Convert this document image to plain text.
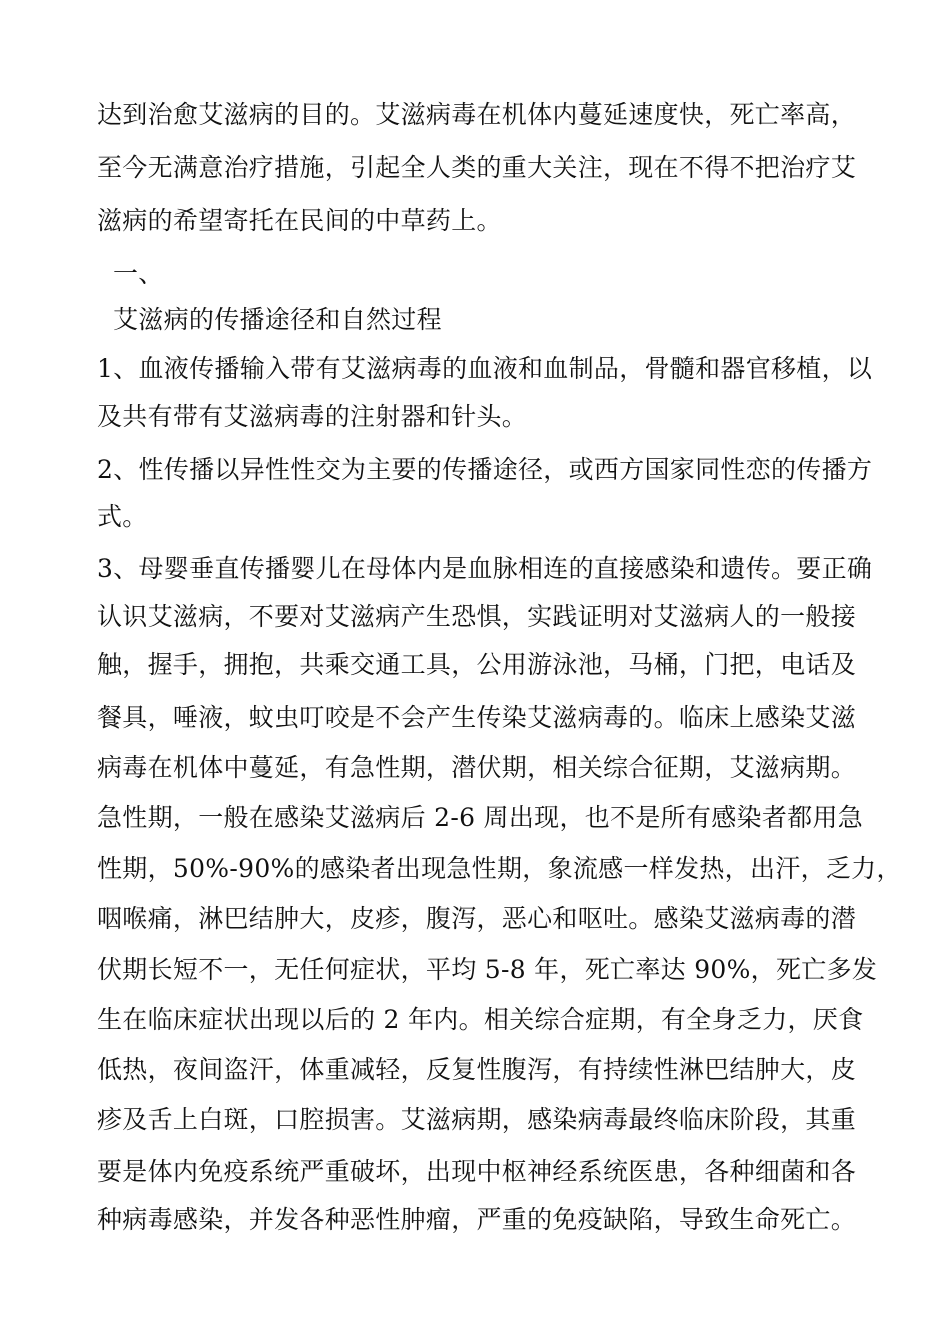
达到治愈艾滋病的目的。艾滋病毒在机体内蔓延速度快，死亡率高，
至今无满意治疗措施，引起全人类的重大关注，现在不得不把治疗艾
滋病的希望寄托在民间的中草药上。
一、
艾滋病的传播途径和自然过程
1、血液传播输入带有艾滋病毒的血液和血制品，骨髓和器官移植，以
及共有带有艾滋病毒的注射器和针头。
2、性传播以异性性交为主要的传播途径，或西方国家同性恋的传播方
式。
3、母婴垂直传播婴儿在母体内是血脉相连的直接感染和遗传。要正确
认识艾滋病，不要对艾滋病产生恐惧，实践证明对艾滋病人的一般接
触，握手，拥抱，共乘交通工具，公用游泳池，马桶，门把，电话及
餐具，唾液，蚊虫叮咬是不会产生传染艾滋病毒的。临床上感染艾滋
病毒在机体中蔓延，有急性期，潜伏期，相关综合征期，艾滋病期。
急性期，一般在感染艾滋病后 2-6 周出现，也不是所有感染者都用急
性期，50%-90%的感染者出现急性期，象流感一样发热，出汗，乏力，
咽喉痛，淋巴结肿大，皮疹，腹泻，恶心和呕吐。感染艾滋病毒的潜
伏期长短不一，无任何症状，平均 5-8 年，死亡率达 90%，死亡多发
生在临床症状出现以后的 2 年内。相关综合症期，有全身乏力，厌食
低热，夜间盗汗，体重减轻，反复性腹泻，有持续性淋巴结肿大，皮
疹及舌上白斑，口腔损害。艾滋病期，感染病毒最终临床阶段，其重
要是体内免疫系统严重破坏，出现中枢神经系统医患，各种细菌和各
种病毒感染，并发各种恶性肿瘤，严重的免疫缺陷，导致生命死亡。
